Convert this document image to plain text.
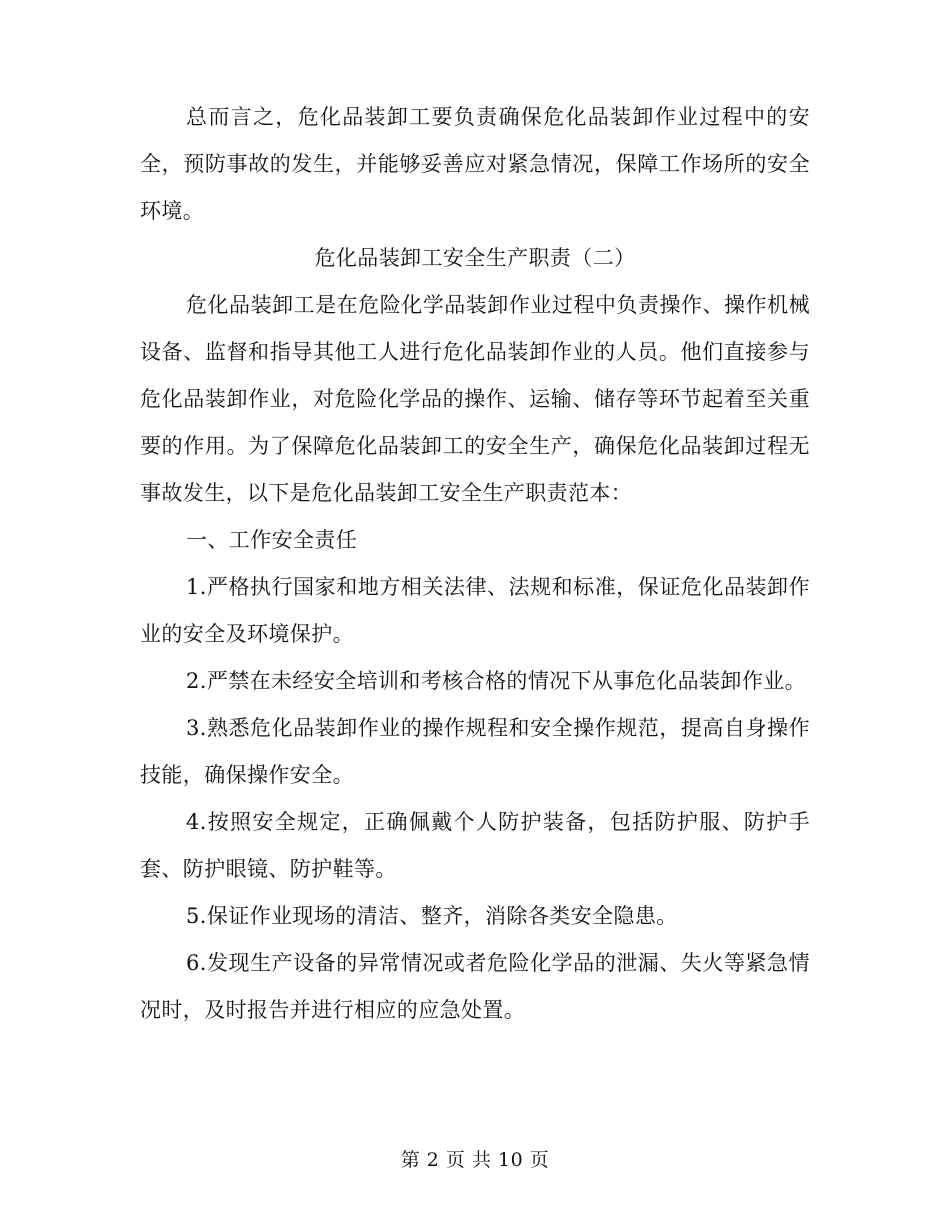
总而言之，危化品装卸工要负责确保危化品装卸作业过程中的安全，预防事故的发生，并能够妥善应对紧急情况，保障工作场所的安全环境。

危化品装卸工安全生产职责（二）

危化品装卸工是在危险化学品装卸作业过程中负责操作、操作机械设备、监督和指导其他工人进行危化品装卸作业的人员。他们直接参与危化品装卸作业，对危险化学品的操作、运输、储存等环节起着至关重要的作用。为了保障危化品装卸工的安全生产，确保危化品装卸过程无事故发生，以下是危化品装卸工安全生产职责范本：

一、工作安全责任

1.严格执行国家和地方相关法律、法规和标准，保证危化品装卸作业的安全及环境保护。

2.严禁在未经安全培训和考核合格的情况下从事危化品装卸作业。

3.熟悉危化品装卸作业的操作规程和安全操作规范，提高自身操作技能，确保操作安全。

4.按照安全规定，正确佩戴个人防护装备，包括防护服、防护手套、防护眼镜、防护鞋等。

5.保证作业现场的清洁、整齐，消除各类安全隐患。

6.发现生产设备的异常情况或者危险化学品的泄漏、失火等紧急情况时，及时报告并进行相应的应急处置。

第 2 页 共 10 页
